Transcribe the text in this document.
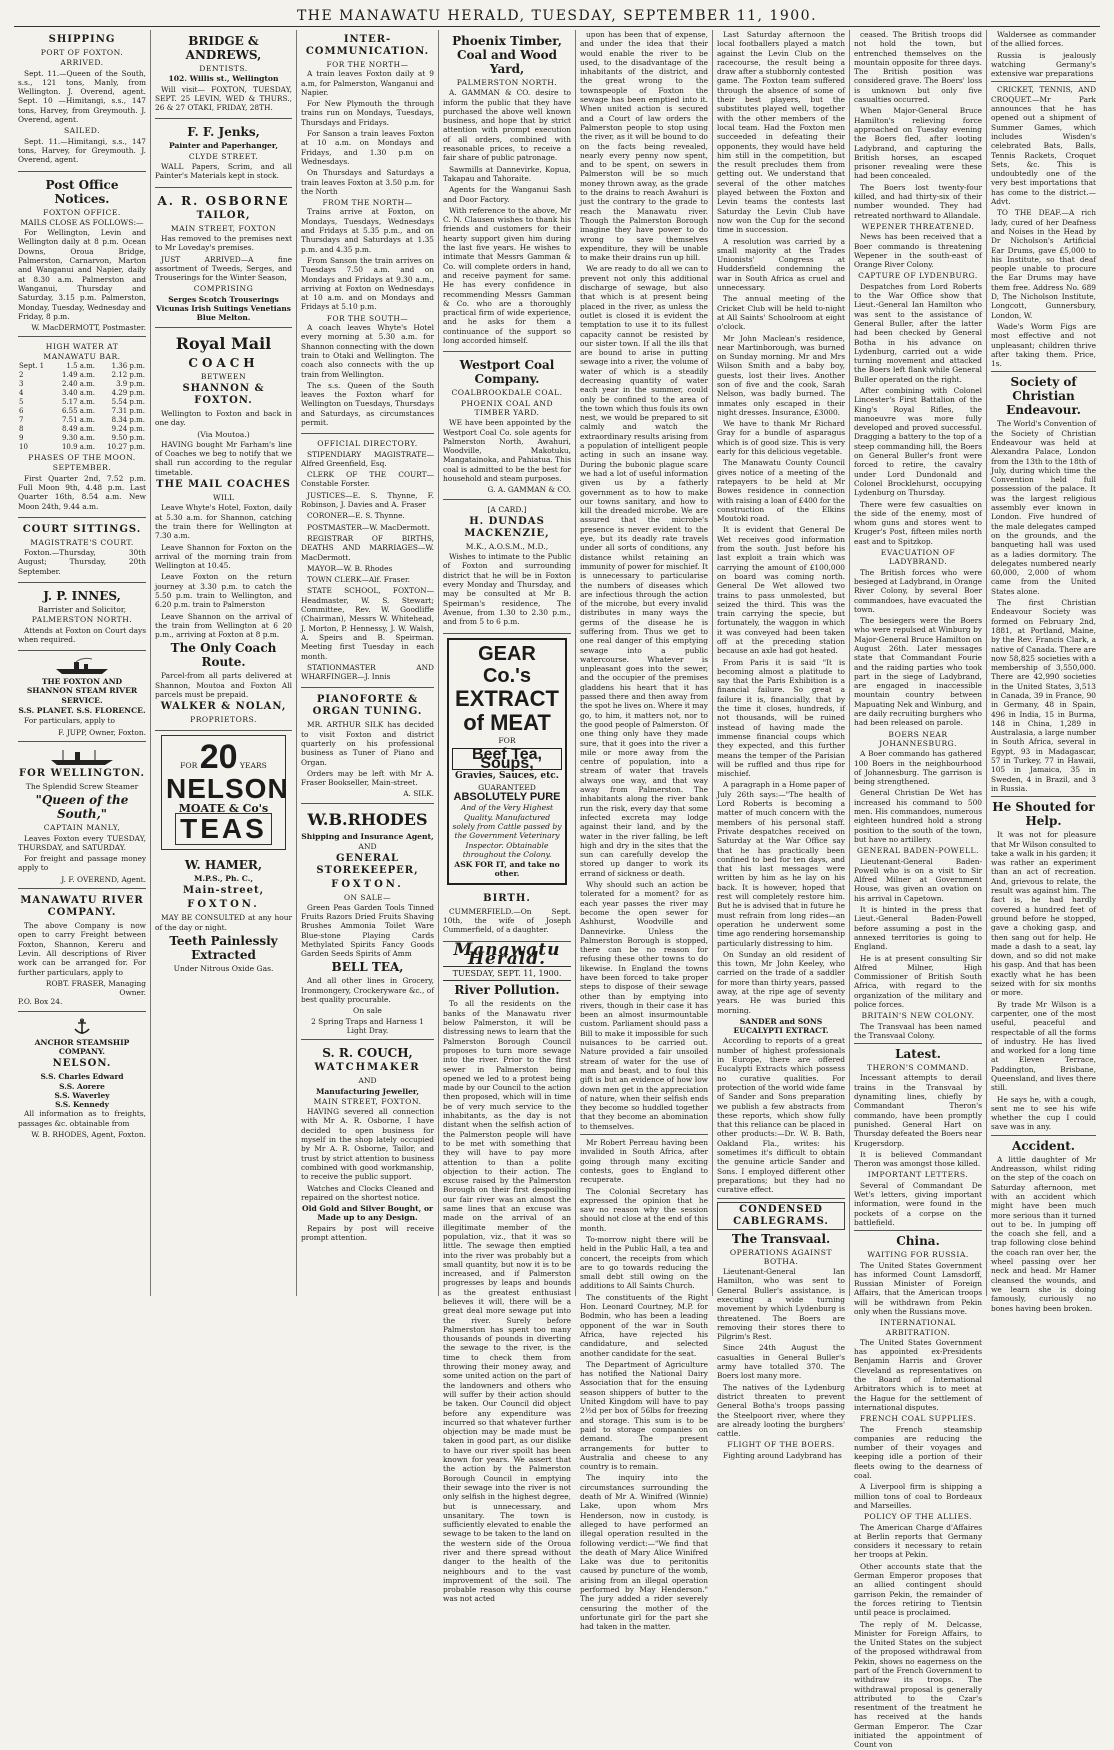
THE MANAWATU HERALD, TUESDAY, SEPTEMBER 11, 1900.
SHIPPING
PORT OF FOXTON.
ARRIVED.

Sept. 11.—Queen of the South, s.s., 121 tons, Manly, from Wellington. J. Overend, agent. Sept. 10 —Himitangi, s.s., 147 tons, Harvey, from Greymouth. J. Overend, agent.

SAILED.

Sept. 11.—Himitangi, s.s., 147 tons, Harvey, for Greymouth. J. Overend, agent.

Post Office Notices.
FOXTON OFFICE.
MAILS CLOSE AS FOLLOWS:—

For Wellington, Levin and Wellington daily at 8 p.m. Ocean Downs, Oroua Bridge, Palmerston, Carnarvon, Marton and Wanganui and Napier, daily at 8.30 a.m. Palmerston and Wanganui, Thursday and Saturday, 3.15 p.m. Palmerston, Monday, Tuesday, Wednesday and Friday, 8 p.m.

W. MacDERMOTT, Postmaster.
HIGH WATER AT MANAWATU BAR.
Sept. 1	1.5 a.m.	1.36 p.m.
2	1.49 a.m.	2.12 p.m.
3	2.40 a.m.	3.9 p.m.
4	3.40 a.m.	4.29 p.m.
5	5.17 a.m.	5.54 p.m.
6	6.55 a.m.	7.31 p.m.
7	7.51 a.m.	8.34 p.m.
8	8.49 a.m.	9.24 p.m.
9	9.30 a.m.	9.50 p.m.
10	10.9 a.m.	10.27 p.m.
PHASES OF THE MOON.
SEPTEMBER.

First Quarter 2nd, 7.52 p.m. Full Moon 9th, 4.48 p.m. Last Quarter 16th, 8.54 a.m. New Moon 24th, 9.44 a.m.

COURT SITTINGS.
MAGISTRATE'S COURT.

Foxton.—Thursday, 30th August; Thursday, 20th September.

J. P. INNES,
Barrister and Solicitor,
PALMERSTON NORTH.

Attends at Foxton on Court days when required.

THE FOXTON AND SHANNON STEAM RIVER SERVICE.
S.S. PLANET. S.S. FLORENCE.

For particulars, apply to

F. JUPP, Owner, Foxton.
FOR WELLINGTON.
The Splendid Screw Steamer
"Queen of the South,"
CAPTAIN MANLY,

Leaves Foxton every TUESDAY, THURSDAY, and SATURDAY.

For freight and passage money apply to

J. F. OVEREND, Agent.
MANAWATU RIVER COMPANY.

The above Company is now open to carry Freight between Foxton, Shannon, Kereru and Levin. All descriptions of River work can be arranged for. For further particulars, apply to

ROBT. FRASER, Managing Owner.
P.O. Box 24.
ANCHOR STEAMSHIP COMPANY.
NELSON.
S.S. Charles Edward
S.S. Aorere
S.S. Waverley
S.S. Kennedy

All information as to freights, passages &c. obtainable from

W. B. RHODES, Agent, Foxton.
BRIDGE & ANDREWS,
DENTISTS.
102. Willis st., Wellington

Will visit— FOXTON, TUESDAY, SEPT. 25 LEVIN, WED & THURS., 26 & 27 OTAKI, FRIDAY, 28TH.

F. F. Jenks,
Painter and Paperhanger,
CLYDE STREET.

WALL Papers, Scrim, and all Painter's Materials kept in stock.

A. R. OSBORNE
TAILOR,
MAIN STREET, FOXTON

Has removed to the premises next to Mr Loveday's premises.

JUST ARRIVED—A fine assortment of Tweeds, Serges, and Trouserings for the Winter Season,

COMPRISING
Serges Scotch Trouserings Vicunas Irish Suitings Venetians Blue Melton.
Royal Mail
COACH
BETWEEN
SHANNON & FOXTON.

Wellington to Foxton and back in one day.

(Via Moutoa.)

HAVING bought Mr Farham's line of Coaches we beg to notify that we shall run according to the regular timetable.

THE MAIL COACHES
WILL

Leave Whyte's Hotel, Foxton, daily at 5.30 a.m. for Shannon, catching the train there for Wellington at 7.30 a.m.

Leave Shannon for Foxton on the arrival of the morning train from Wellington at 10.45.

Leave Foxton on the return journey at 3.30 p.m. to catch the 5.50 p.m. train to Wellington, and 6.20 p.m. train to Palmerston

Leave Shannon on the arrival of the train from Wellington at 6 20 p.m., arriving at Foxton at 8 p.m.

The Only Coach Route.

Parcel-from all parts delivered at Shannon, Moutoa and Foxton All parcels must be prepaid.

WALKER & NOLAN,
PROPRIETORS.
FOR 20 YEARS
NELSON
MOATE & Co's
TEAS
W. HAMER,
M.P.S., Ph. C.,
Main-street,
FOXTON.

MAY BE CONSULTED at any hour of the day or night.

Teeth Painlessly Extracted
Under Nitrous Oxide Gas.
INTER-COMMUNICATION.
FOR THE NORTH—

A train leaves Foxton daily at 9 a.m, for Palmerston, Wanganui and Napier.

For New Plymouth the through trains run on Mondays, Tuesdays, Thursdays and Fridays.

For Sanson a train leaves Foxton at 10 a.m. on Mondays and Fridays, and 1.30 p.m on Wednesdays.

On Thursdays and Saturdays a train leaves Foxton at 3.50 p.m. for the North

FROM THE NORTH—

Trains arrive at Foxton, on Mondays, Tuesdays, Wednesdays and Fridays at 5.35 p.m., and on Thursdays and Saturdays at 1.35 p.m. and 4.35 p.m.

From Sanson the train arrives on Tuesdays 7.50 a.m. and on Mondays and Fridays at 9.30 a.m., arriving at Foxton on Wednesdays at 10 a.m. and on Mondays and Fridays at 5.10 p.m.

FOR THE SOUTH—

A coach leaves Whyte's Hotel every morning at 5.30 a.m. for Shannon connecting with the down train to Otaki and Wellington. The coach also connects with the up train from Wellington.

The s.s. Queen of the South leaves the Foxton wharf for Wellington on Tuesdays, Thursdays and Saturdays, as circumstances permit.

OFFICIAL DIRECTORY.

STIPENDIARY MAGISTRATE—Alfred Greenfield, Esq.

CLERK OF THE COURT—Constable Forster.

JUSTICES—E. S. Thynne, F. Robinson, J. Davies and A. Fraser

CORONER—E. S. Thynne.

POSTMASTER—W. MacDermott.

REGISTRAR OF BIRTHS, DEATHS AND MARRIAGES—W. MacDermott.

MAYOR—W. B. Rhodes

TOWN CLERK—Alf. Fraser.

STATE SCHOOL, FOXTON—Headmaster, W. S. Stewart; Committee, Rev. W. Goodliffe (Chairman), Messrs W. Whitehead, J. Morton, P. Hennessy, J. W. Walsh, A. Speirs and B. Speirman. Meeting first Tuesday in each month.

STATIONMASTER AND WHARFINGER—J. Innis

PIANOFORTE & ORGAN TUNING.

MR. ARTHUR SILK has decided to visit Foxton and district quarterly on his professional business as Tuner of Piano and Organ.

Orders may be left with Mr A. Fraser Bookseller, Main-street.

A. SILK.
W.B.RHODES
Shipping and Insurance Agent,
AND
GENERAL STOREKEEPER,
FOXTON.
ON SALE—

Green Peas Garden Tools Tinned Fruits Razors Dried Fruits Shaving Brushes Ammonia Toilet Ware Blue-stone Playing Cards Methylated Spirits Fancy Goods Garden Seeds Spirits of Amm

BELL TEA,

And all other lines in Grocery, Ironmongery, Crockeryware &c., of best quality procurable.

On sale
2 Spring Traps and Harness 1 Light Dray.
S. R. COUCH,
WATCHMAKER
AND
Manufacturing Jeweller,
MAIN STREET, FOXTON.

HAVING severed all connection with Mr A. R. Osborne, I have decided to open business for myself in the shop lately occupied by Mr A. R. Osborne, Tailor, and trust by strict attention to business combined with good workmanship, to receive the public support.

Watches and Clocks Cleaned and repaired on the shortest notice.

Old Gold and Silver Bought, or Made up to any Design.

Repairs by post will receive prompt attention.

Phoenix Timber, Coal and Wood Yard,
PALMERSTON NORTH.

A. GAMMAN & CO. desire to inform the public that they have purchased the above well known business, and hope that by strict attention with prompt execution of all orders, combined with reasonable prices, to receive a fair share of public patronage.

Sawmills at Dannevirke, Kopua, Takapau and Tahoraite.

Agents for the Wanganui Sash and Door Factory.

With reference to the above, Mr C. N. Clausen wishes to thank his friends and customers for their hearty support given him during the last five years. He wishes to intimate that Messrs Gamman & Co. will complete orders in hand, and receive payment for same. He has every confidence in recommending Messrs Gamman & Co. who are a thoroughly practical firm of wide experience, and he asks for them a continuance of the support so long accorded himself.

Westport Coal Company.
COALBROOKDALE COAL.
PHOENIX COAL AND TIMBER YARD.

WE have been appointed by the Westport Coal Co. sole agents for Palmerston North, Awahuri, Woodville, Makotuku, Mangatainoka, and Pahiatua. This coal is admitted to be the best for household and steam purposes.

G. A. GAMMAN & CO.
[A CARD.]
H. DUNDAS MACKENZIE,
M.K., A.O.S.M., M.D.,

Wishes to intimate to the Public of Foxton and surrounding district that he will be in Foxton every Monday and Thursday, and may be consulted at Mr B. Speirman's residence, The Avenue, from 1.30 to 2.30 p.m., and from 5 to 6 p.m.

GEAR Co.'s
EXTRACT of MEAT
FOR
Beef Tea, Soups,
Gravies, Sauces, etc.
GUARANTEED
ABSOLUTELY PURE
And of the Very Highest Quality. Manufactured solely from Cattle passed by the Government Veterinary Inspector. Obtainable throughout the Colony.
ASK FOR IT, and take no other.
BIRTH.

CUMMERFIELD.—On Sept. 10th, the wife of Joseph Cummerfield, of a daughter.

Manawatu Herald.
TUESDAY, SEPT. 11, 1900.
River Pollution.

To all the residents on the banks of the Manawatu river below Palmerston, it will be distressing news to learn that the Palmerston Borough Council proposes to turn more sewage into the river. Prior to the first sewer in Palmerston being opened we led to a protest being made by our Council to the action then proposed, which will in time be of very much service to the inhabitants, as the day is not distant when the selfish action of the Palmerston people will have to be met with something that they will have to pay more attention to than a polite objection to their action. The excuse raised by the Palmerston Borough on their first despoiling our fair river was an almost the same lines that an excuse was made on the arrival of an illegitimate member of the population, viz., that it was so little. The sewage then emptied into the river was probably but a small quantity, but now it is to be increased, and if Palmerston progresses by leaps and bounds as the greatest enthusiast believes it will, there will be a great deal more sewage put into the river. Surely before Palmerston has spent too many thousands of pounds in diverting the sewage to the river, is the time to check them from throwing their money away, and some united action on the part of the landowners and others who will suffer by their action should be taken. Our Council did object before any expenditure was incurred so that whatever further objection may be made must be taken in good part, as our dislike to have our river spoilt has been known for years. We assert that the action by the Palmerston Borough Council in emptying their sewage into the river is not only selfish in the highest degree, but is unnecessary, and unsanitary. The town is sufficiently elevated to enable the sewage to be taken to the land on the western side of the Oroua river and there spread without danger to the health of the neighbours and to the vast improvement of the soil. The probable reason why this course was not acted

upon has been that of expense, and under the idea that their would enable the river to be used, to the disadvantage of the inhabitants of the district, and the great wrong to the townspeople of Foxton the sewage has been emptied into it. When united action is secured and a Court of law orders the Palmerston people to stop using the river, as it will be bound to do on the facts being revealed, nearly every penny now spent, and to be spent, on sewers in Palmerston will be so much money thrown away, as the grade to the drains to reach Awahuri is just the contrary to the grade to reach the Manawatu river. Though the Palmerston Borough imagine they have power to do wrong to save themselves expenditure, they will be unable to make their drains run up hill.

We are ready to do all we can to prevent not only this additional discharge of sewage, but also that which is at present being placed in the river, as unless the outlet is closed it is evident the temptation to use it to its fullest capacity cannot be resisted by our sister town. If all the ills that are bound to arise in putting sewage into a river, the volume of water of which is a steadily decreasing quantity of water each year in the summer, could only be confined to the area of the town which thus fouls its own nest, we would be prepared to sit calmly and watch the extraordinary results arising from a population of intelligent people acting in such an insane way. During the bubonic plague scare we had a lot of useful information given us by a fatherly government as to how to make our towns sanitary, and how to kill the dreaded microbe. We are assured that the microbe's presence is never evident to the eye, but its deadly rate travels under all sorts of conditions, any distance whilst retaining an immunity of power for mischief. It is unnecessary to particularise the numbers of diseases which are infectious through the action of the microbe, but every invalid distributes in many ways the germs of the disease he is suffering from. Thus we get to one real danger of this emptying sewage into a public watercourse. Whatever is unpleasant goes into the sewer, and the occupier of the premises gladdens his heart that it has passed there and then away from the spot he lives on. Where it may go, to him, it matters not, nor to the good people of Palmerston. Of one thing only have they made sure, that it goes into the river a mile or more away from the centre of population, into a stream of water that travels always one way, and that way away from Palmerston. The inhabitants along the river bank run the risk, every day that some infected excreta may lodge against their land, and by the water in the river falling, be left high and dry in the sites that the sun can carefully develop the stored up danger to work its errand of sickness or death.

Why should such an action be tolerated for a moment? for as each year passes the river may become the open sewer for Ashhurst, Woodville and Dannevirke. Unless the Palmerston Borough is stopped, there can be no reason for refusing these other towns to do likewise. In England the towns have been forced to take proper steps to dispose of their sewage other than by emptying into rivers, though in their case it has been an almost insurmountable custom. Parliament should pass a Bill to make it impossible for such nuisances to be carried out. Nature provided a fair unsoiled stream of water for the use of man and beast, and to foul this gift is but an evidence of how low down men get in the appreciation of nature, when their selfish ends they become so huddled together that they become an abomination to themselves.

Mr Robert Perreau having been invalided in South Africa, after going through many exciting contests, goes to England to recuperate.

The Colonial Secretary has expressed the opinion that he saw no reason why the session should not close at the end of this month.

To-morrow night there will be held in the Public Hall, a tea and concert, the receipts from which are to go towards reducing the small debt still owing on the additions to All Saints Church.

The constituents of the Right Hon. Leonard Courtney, M.P. for Bodmin, who has been a leading opponent of the war in South Africa, have rejected his candidature, and selected another candidate for the seat.

The Department of Agriculture has notified the National Dairy Association that for the ensuing season shippers of butter to the United Kingdom will have to pay 2½d per box of 56lbs for freezing and storage. This sum is to be paid to storage companies on demand. The present arrangements for butter to Australia and cheese to any country is to remain.

The inquiry into the circumstances surrounding the death of Mr A. Winifred (Winnie) Lake, upon whom Mrs Henderson, now in custody, is alleged to have performed an illegal operation resulted in the following verdict:—"We find that the death of Mary Alice Winifred Lake was due to peritonitis caused by puncture of the womb, arising from an illegal operation performed by May Henderson." The jury added a rider severely censuring the mother of the unfortunate girl for the part she had taken in the matter.

Last Saturday afternoon the local footballers played a match against the Levin Club on the racecourse, the result being a draw after a stubbornly contested game. The Foxton team suffered through the absence of some of their best players, but the substitutes played well, together with the other members of the local team. Had the Foxton men succeeded in defeating their opponents, they would have held him still in the competition, but the result precludes them from getting out. We understand that several of the other matches played between the Foxton and Levin teams the contests last Saturday the Levin Club have now won the Cup for the second time in succession.

A resolution was carried by a small majority at the Trades Unionists' Congress at Huddersfield condemning the war in South Africa as cruel and unnecessary.

The annual meeting of the Cricket Club will be held to-night at All Saints' Schoolroom at eight o'clock.

Mr John Maclean's residence, near Martinborough, was burned on Sunday morning. Mr and Mrs Wilson Smith and a baby boy, guests, lost their lives. Another son of five and the cook, Sarah Nelson, was badly burned. The inmates only escaped in their night dresses. Insurance, £3000.

We have to thank Mr Richard Gray for a bundle of asparagus which is of good size. This is very early for this delicious vegetable.

The Manawatu County Council gives notice of a meeting of the ratepayers to be held at Mr Bowes residence in connection with raising a loan of £400 for the construction of the Elkins Moutoki road.

It is evident that General De Wet receives good information from the south. Just before his last exploit a train which was carrying the amount of £100,000 on board was coming north. General De Wet allowed two trains to pass unmolested, but seized the third. This was the train carrying the specie, but fortunately, the waggon in which it was conveyed had been taken off at the preceding station because an axle had got heated.

From Paris it is said "It is becoming almost a platitude to say that the Paris Exhibition is a financial failure. So great a failure it is, financially, that by the time it closes, hundreds, if not thousands, will be ruined instead of having made the immense financial coups which they expected, and this further means the temper of the Parisian will be ruffled and thus ripe for mischief.

A paragraph in a Home paper of July 26th says:—"The health of Lord Roberts is becoming a matter of much concern with the members of his personal staff. Private despatches received on Saturday at the War Office say that he has practically been confined to bed for ten days, and that his last messages were written by him as he lay on his back. It is however, hoped that rest will completely restore him. But he is advised that in future he must refrain from long rides—an operation he underwent some time ago rendering horsemanship particularly distressing to him.

On Sunday an old resident of this town, Mr John Keeley, who carried on the trade of a saddler for more than thirty years, passed away, at the ripe age of seventy years. He was buried this morning.

SANDER and SONS EUCALYPTI EXTRACT.

According to reports of a great number of highest professionals in Europe, there are offered Eucalypti Extracts which possess no curative qualities. For protection of the world wide fame of Sander and Sons preparation we publish a few abstracts from these reports, which show fully that this reliance can be placed in other products:—Dr. W. B. Bath, Oakland Fla., writes: his sometimes it's difficult to obtain the genuine article Sander and Sons. I employed different other preparations; but they had no curative effect.

CONDENSED CABLEGRAMS.
The Transvaal.
OPERATIONS AGAINST BOTHA.

Lieutenant-General Ian Hamilton, who was sent to General Buller's assistance, is executing a wide turning movement by which Lydenburg is threatened. The Boers are removing their stores there to Pilgrim's Rest.

Since 24th August the casualties in General Buller's army have totalled 370. The Boers lost many more.

The natives of the Lydenburg district threaten to prevent General Botha's troops passing the Steelpoort river, where they are already looting the burghers' cattle.

FLIGHT OF THE BOERS.

Fighting around Ladybrand has

ceased. The British troops did not hold the town, but entrenched themselves on the mountain opposite for three days. The British position was considered grave. The Boers' loss is unknown but only five casualties occurred.

When Major-General Bruce Hamilton's relieving force approached on Tuesday evening the Boers fled, after looting Ladybrand, and capturing the British horses, an escaped prisoner revealing were these had been concealed.

The Boers lost twenty-four killed, and had thirty-six of their number wounded. They had retreated northward to Allandale.

WEPENER THREATENED.

News has been received that a Boer commando is threatening Wepener in the south-east of Orange River Colony.

CAPTURE OF LYDENBURG.

Despatches from Lord Roberts to the War Office show that Lieut.-General Ian Hamilton who was sent to the assistance of General Buller, after the latter had been checked by General Botha in his advance on Lydenburg, carried out a wide turning movement and attacked the Boers left flank while General Buller operated on the right.

After combining with Colonel Lincester's First Battalion of the King's Royal Rifles, the manoeuvre was more fully developed and proved successful. Dragging a battery to the top of a steep commanding hill, the Boers on General Buller's front were forced to retire, the cavalry under Lord Dundonald and Colonel Brocklehurst, occupying Lydenburg on Thursday.

There were few casualties on the side of the enemy, most of whom guns and stores went to Kruger's Post, fifteen miles north east and to Spitzkop.

EVACUATION OF LADYBRAND.

The British forces who were besieged at Ladybrand, in Orange River Colony, by several Boer commandoes, have evacuated the town.

The besiegers were the Boers who were repulsed at Winburg by Major-General Bruce Hamilton on August 26th. Later messages state that Commandant Fourie and the raiding parties who took part in the siege of Ladybrand, are engaged in inaccessible mountain country between Mapuating Nek and Winburg, and are daily recruiting burghers who had been released on parole.

BOERS NEAR JOHANNESBURG.

A Boer commando has gathered 100 Boers in the neighbourhood of Johannesburg. The garrison is being strengthened.

General Christian De Wet has increased his command to 500 men. His commandoes, numerous eighteen hundred hold a strong position to the south of the town, but have no artillery.

GENERAL BADEN-POWELL.

Lieutenant-General Baden-Powell who is on a visit to Sir Alfred Milner at Government House, was given an ovation on his arrival in Capetown.

It is hinted in the press that Lieut.-General Baden-Powell before assuming a post in the annexed territories is going to England.

He is at present consulting Sir Alfred Milner, High Commissioner of British South Africa, with regard to the organization of the military and police forces.

BRITAIN'S NEW COLONY.

The Transvaal has been named the Transvaal Colony.

Latest.
THERON'S COMMAND.

Incessant attempts to derail trains in the Transvaal by dynamiting lines, chiefly by Commandant Theron's commando, have been promptly punished. General Hart on Thursday defeated the Boers near Krugersdorp.

It is believed Commandant Theron was amongst those killed.

IMPORTANT LETTERS.

Several of Commandant De Wet's letters, giving important information, were found in the pockets of a corpse on the battlefield.

China.
WAITING FOR RUSSIA.

The United States Government has informed Count Lamsdorff, Russian Minister of Foreign Affairs, that the American troops will be withdrawn from Pekin only when the Russians move.

INTERNATIONAL ARBITRATION.

The United States Government has appointed ex-Presidents Benjamin Harris and Grover Cleveland as representatives on the Board of International Arbitrators which is to meet at the Hague for the settlement of international disputes.

FRENCH COAL SUPPLIES.

The French steamship companies are reducing the number of their voyages and keeping idle a portion of their fleets owing to the dearness of coal.

A Liverpool firm is shipping a million tons of coal to Bordeaux and Marseilles.

POLICY OF THE ALLIES.

The American Charge d'Affaires at Berlin reports that Germany considers it necessary to retain her troops at Pekin.

Other accounts state that the German Emperor proposes that an allied contingent should garrison Pekin, the remainder of the forces retiring to Tientsin until peace is proclaimed.

The reply of M. Delcasse, Minister for Foreign Affairs, to the United States on the subject of the proposed withdrawal from Pekin, shows no eagerness on the part of the French Government to withdraw its troops. The withdrawal proposal is generally attributed to the Czar's resentment of the treatment he has received at the hands German Emperor. The Czar initiated the appointment of Count von

Waldersee as commander of the allied forces.

Russia is jealously watching Germany's extensive war preparations

CRICKET, TENNIS, AND CROQUET.—Mr Park announces that he has opened out a shipment of Summer Games, which includes Wisden's celebrated Bats, Balls, Tennis Rackets, Croquet Sets, &c. This is undoubtedly one of the very best importations that has come to the district.—Advt.

TO THE DEAF.—A rich lady, cured of her Deafness and Noises in the Head by Dr Nicholson's Artificial Ear Drums, gave £5,000 to his Institute, so that deaf people unable to procure the Ear Drums may have them free. Address No. 689 D, The Nicholson Institute, Longcott, Gunnersbury, London, W.

Wade's Worm Figs are most effective and not unpleasant; children thrive after taking them. Price, 1s.

Society of Christian Endeavour.

The World's Convention of the Society of Christian Endeavour was held at Alexandra Palace, London from the 13th to the 18th of July, during which time the Convention held full possession of the palace. It was the largest religious assembly ever known in London. Five hundred of the male delegates camped on the grounds, and the banqueting hall was used as a ladies dormitory. The delegates numbered nearly 60,000, 2,000 of whom came from the United States alone.

The first Christian Endeavour Society was formed on February 2nd, 1881, at Portland, Maine, by the Rev. Francis Clark, a native of Canada. There are now 58,825 societies with a membership of 3,550,000. There are 42,990 societies in the United States, 3,513 in Canada, 39 in France, 90 in Germany, 48 in Spain, 496 in India, 15 in Burma, 148 in China, 1,289 in Australasia, a large number in South Africa, several in Egypt, 93 in Madagascar, 57 in Turkey, 77 in Hawaii, 105 in Jamaica, 35 in Sweden, 4 in Brazil, and 3 in Russia.

He Shouted for Help.

It was not for pleasure that Mr Wilson consulted to take a walk in his garden; it was rather an experiment than an act of recreation. And, grievous to relate, the result was against him. The fact is, he had hardly covered a hundred feet of ground before he stopped, gave a choking gasp, and then sang out for help. He made a dash to a seat, lay down, and so did not make his gasp. And that has been exactly what he has been seized with for six months or more.

By trade Mr Wilson is a carpenter, one of the most useful, peaceful and respectable of all the forms of industry. He has lived and worked for a long time at Eleven Terrace, Paddington, Brisbane, Queensland, and lives there still.

He says he, with a cough, sent me to see his wife whether the cup I could save was in any.

Accident.

A little daughter of Mr Andreasson, whilst riding on the step of the coach on Saturday afternoon, met with an accident which might have been much more serious than it turned out to be. In jumping off the coach she fell, and a trap following close behind the coach ran over her, the wheel passing over her neck and head. Mr Hamer cleansed the wounds, and we learn she is doing famously, curiously no bones having been broken.
